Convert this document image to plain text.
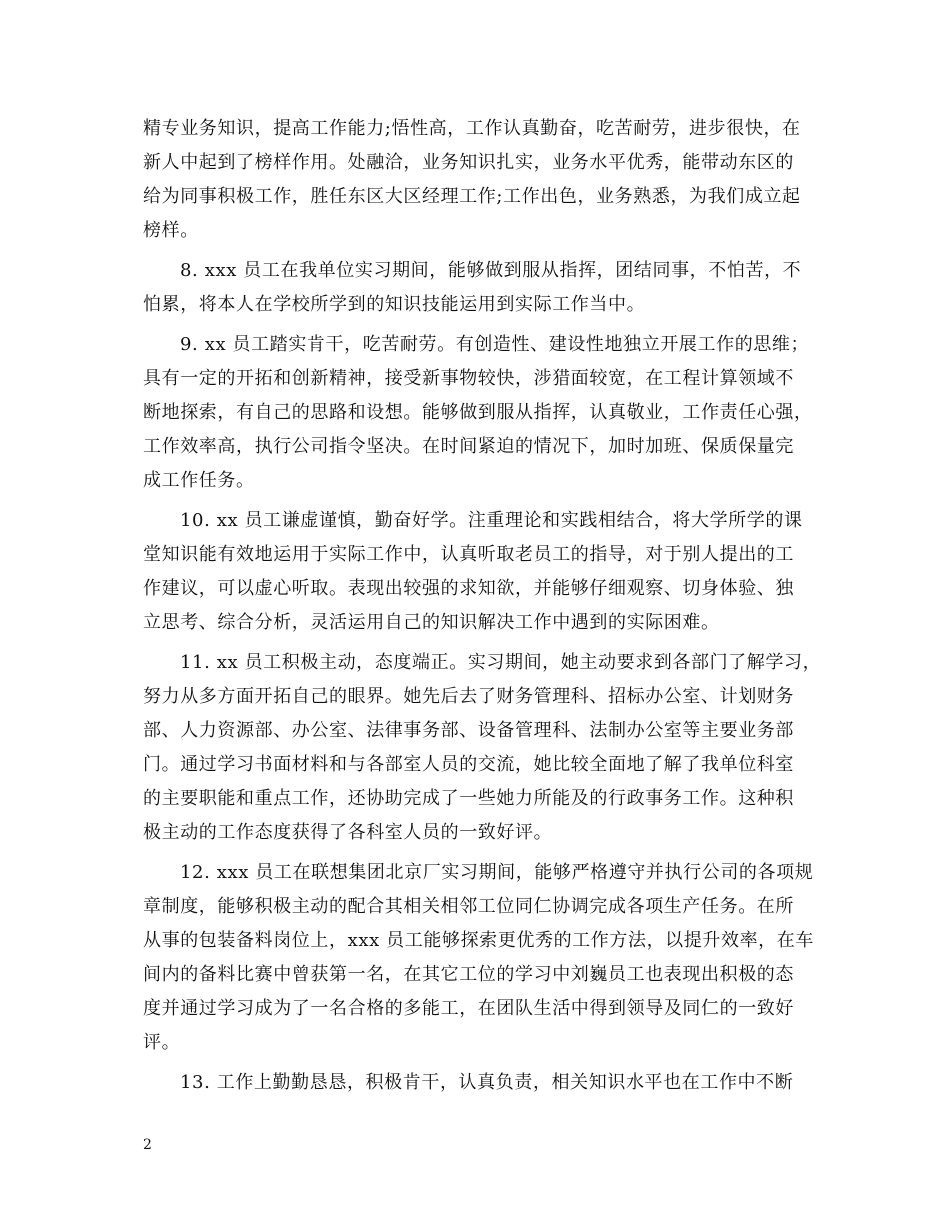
精专业务知识，提高工作能力;悟性高，工作认真勤奋，吃苦耐劳，进步很快，在
新人中起到了榜样作用。处融洽，业务知识扎实，业务水平优秀，能带动东区的
给为同事积极工作，胜任东区大区经理工作;工作出色，业务熟悉，为我们成立起
榜样。
8. xxx 员工在我单位实习期间，能够做到服从指挥，团结同事，不怕苦，不
怕累，将本人在学校所学到的知识技能运用到实际工作当中。
9. xx 员工踏实肯干，吃苦耐劳。有创造性、建设性地独立开展工作的思维；
具有一定的开拓和创新精神，接受新事物较快，涉猎面较宽，在工程计算领域不
断地探索，有自己的思路和设想。能够做到服从指挥，认真敬业，工作责任心强，
工作效率高，执行公司指令坚决。在时间紧迫的情况下，加时加班、保质保量完
成工作任务。
10. xx 员工谦虚谨慎，勤奋好学。注重理论和实践相结合，将大学所学的课
堂知识能有效地运用于实际工作中，认真听取老员工的指导，对于别人提出的工
作建议，可以虚心听取。表现出较强的求知欲，并能够仔细观察、切身体验、独
立思考、综合分析，灵活运用自己的知识解决工作中遇到的实际困难。
11. xx 员工积极主动，态度端正。实习期间，她主动要求到各部门了解学习，
努力从多方面开拓自己的眼界。她先后去了财务管理科、招标办公室、计划财务
部、人力资源部、办公室、法律事务部、设备管理科、法制办公室等主要业务部
门。通过学习书面材料和与各部室人员的交流，她比较全面地了解了我单位科室
的主要职能和重点工作，还协助完成了一些她力所能及的行政事务工作。这种积
极主动的工作态度获得了各科室人员的一致好评。
12. xxx 员工在联想集团北京厂实习期间，能够严格遵守并执行公司的各项规
章制度，能够积极主动的配合其相关相邻工位同仁协调完成各项生产任务。在所
从事的包装备料岗位上，xxx 员工能够探索更优秀的工作方法，以提升效率，在车
间内的备料比赛中曾获第一名，在其它工位的学习中刘巍员工也表现出积极的态
度并通过学习成为了一名合格的多能工，在团队生活中得到领导及同仁的一致好
评。
13. 工作上勤勤恳恳，积极肯干，认真负责，相关知识水平也在工作中不断
2
